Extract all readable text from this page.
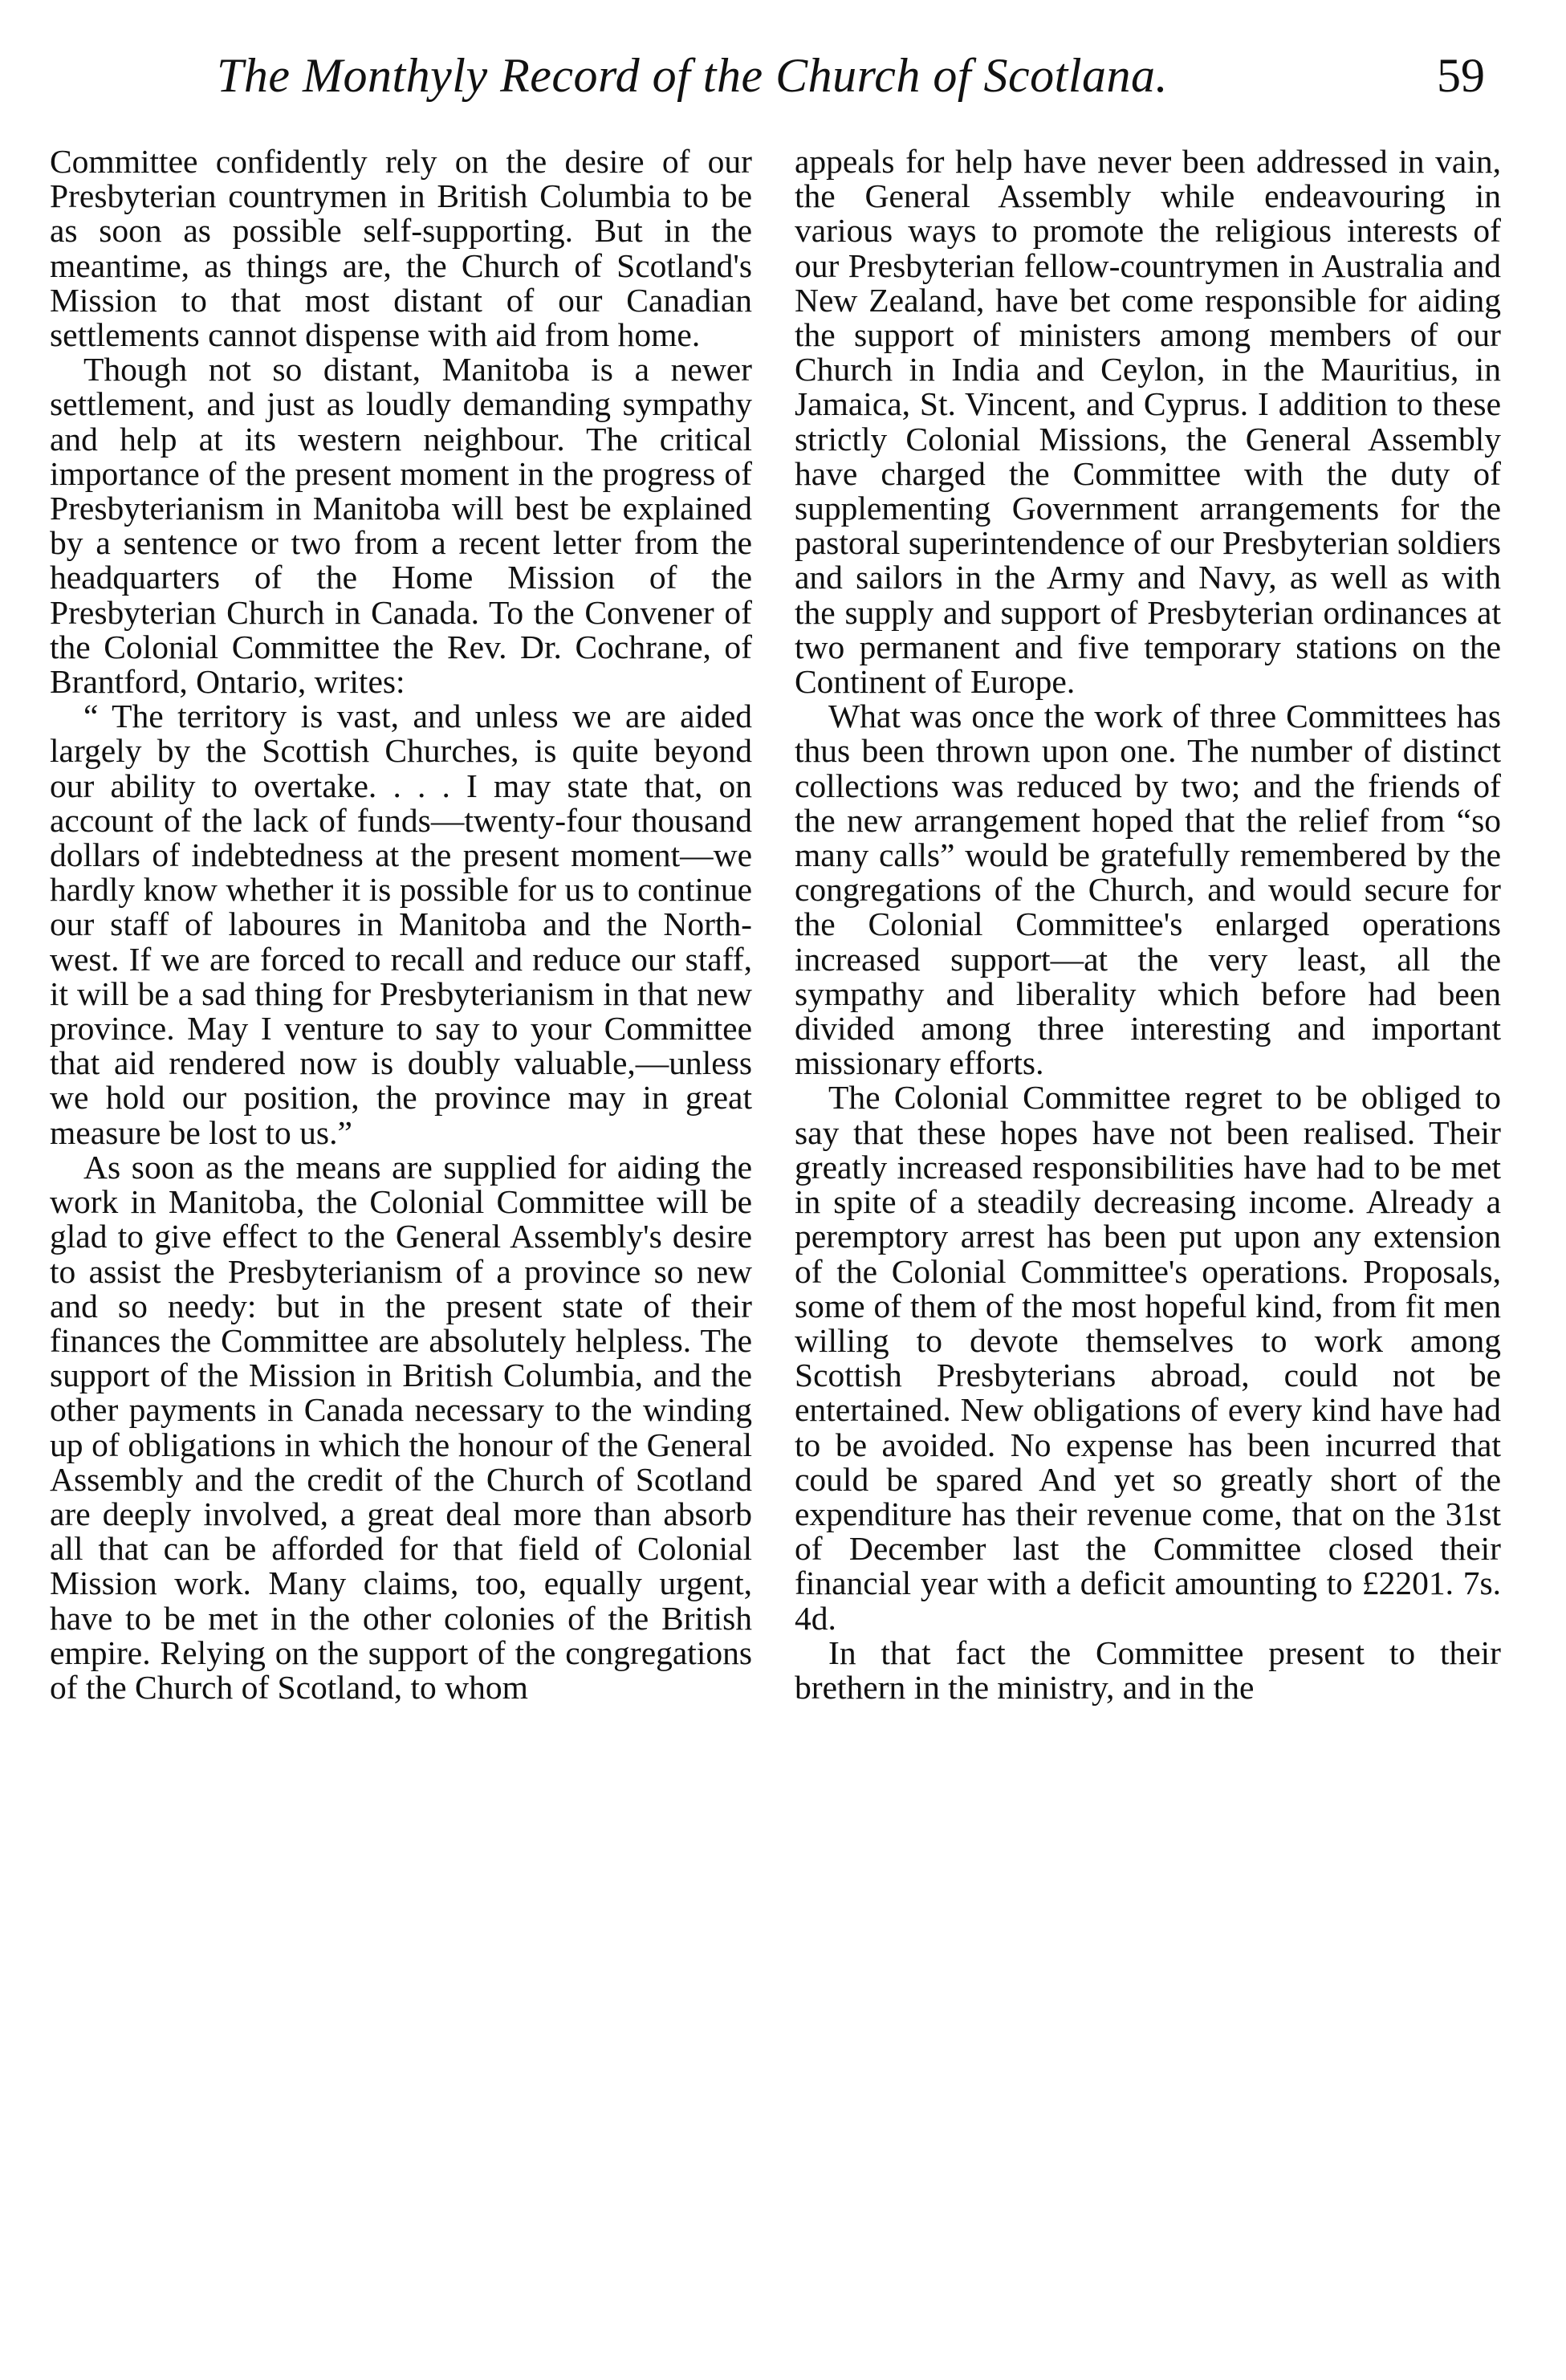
The Monthyly Record of the Church of Scotlana.	59

Committee confidently rely on the desire of our Presbyterian countrymen in British Columbia to be as soon as possible self-supporting. But in the meantime, as things are, the Church of Scotland's Mission to that most distant of our Canadian settlements cannot dispense with aid from home.

Though not so distant, Manitoba is a newer settlement, and just as loudly demanding sympathy and help at its western neighbour. The critical importance of the present moment in the progress of Presbyterianism in Manitoba will best be explained by a sentence or two from a recent letter from the headquarters of the Home Mission of the Presbyterian Church in Canada. To the Convener of the Colonial Committee the Rev. Dr. Cochrane, of Brantford, Ontario, writes:

“ The territory is vast, and unless we are aided largely by the Scottish Churches, is quite beyond our ability to overtake. . . . I may state that, on account of the lack of funds—twenty-four thousand dollars of indebtedness at the present moment—we hardly know whether it is possible for us to continue our staff of laboures in Manitoba and the North-west. If we are forced to recall and reduce our staff, it will be a sad thing for Presbyterianism in that new province. May I venture to say to your Committee that aid rendered now is doubly valuable,—unless we hold our position, the province may in great measure be lost to us.”

As soon as the means are supplied for aiding the work in Manitoba, the Colonial Committee will be glad to give effect to the General Assembly's desire to assist the Presbyterianism of a province so new and so needy: but in the present state of their finances the Committee are absolutely helpless. The support of the Mission in British Columbia, and the other payments in Canada necessary to the winding up of obligations in which the honour of the General Assembly and the credit of the Church of Scotland are deeply involved, a great deal more than absorb all that can be afforded for that field of Colonial Mission work. Many claims, too, equally urgent, have to be met in the other colonies of the British empire. Relying on the support of the congregations of the Church of Scotland, to whom

appeals for help have never been addressed in vain, the General Assembly while endeavouring in various ways to promote the religious interests of our Presbyterian fellow-countrymen in Australia and New Zealand, have bet come responsible for aiding the support of ministers among members of our Church in India and Ceylon, in the Mauritius, in Jamaica, St. Vincent, and Cyprus. I addition to these strictly Colonial Missions, the General Assembly have charged the Committee with the duty of supplementing Government arrangements for the pastoral superintendence of our Presbyterian soldiers and sailors in the Army and Navy, as well as with the supply and support of Presbyterian ordinances at two permanent and five temporary stations on the Continent of Europe.

What was once the work of three Committees has thus been thrown upon one. The number of distinct collections was reduced by two; and the friends of the new arrangement hoped that the relief from “so many calls” would be gratefully remembered by the congregations of the Church, and would secure for the Colonial Committee's enlarged operations increased support—at the very least, all the sympathy and liberality which before had been divided among three interesting and important missionary efforts.

The Colonial Committee regret to be obliged to say that these hopes have not been realised. Their greatly increased responsibilities have had to be met in spite of a steadily decreasing income. Already a peremptory arrest has been put upon any extension of the Colonial Committee's operations. Proposals, some of them of the most hopeful kind, from fit men willing to devote themselves to work among Scottish Presbyterians abroad, could not be entertained. New obligations of every kind have had to be avoided. No expense has been incurred that could be spared And yet so greatly short of the expenditure has their revenue come, that on the 31st of December last the Committee closed their financial year with a deficit amounting to £2201. 7s. 4d.

In that fact the Committee present to their brethern in the ministry, and in the
